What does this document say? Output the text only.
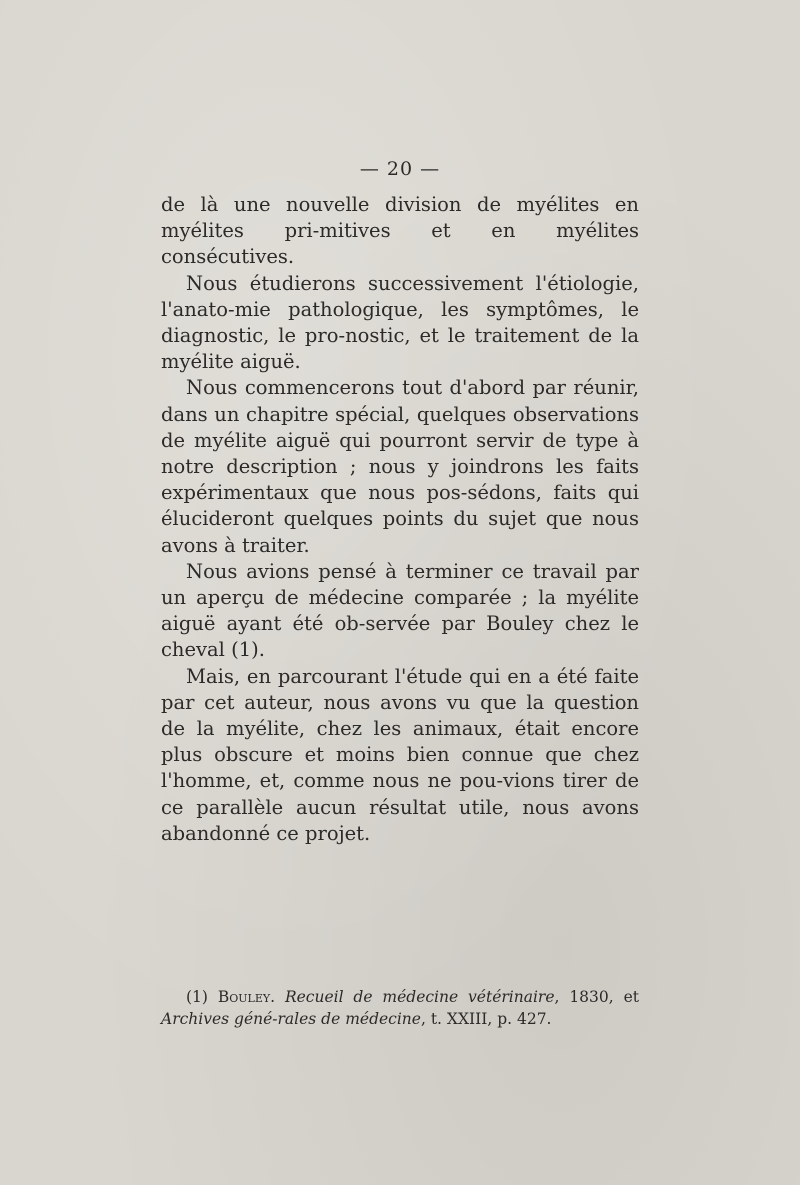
— 20 —

de là une nouvelle division de myélites en myélites pri-mitives et en myélites consécutives.

Nous étudierons successivement l'étiologie, l'anato-mie pathologique, les symptômes, le diagnostic, le pro-nostic, et le traitement de la myélite aiguë.

Nous commencerons tout d'abord par réunir, dans un chapitre spécial, quelques observations de myélite aiguë qui pourront servir de type à notre description ; nous y joindrons les faits expérimentaux que nous pos-sédons, faits qui élucideront quelques points du sujet que nous avons à traiter.

Nous avions pensé à terminer ce travail par un aperçu de médecine comparée ; la myélite aiguë ayant été ob-servée par Bouley chez le cheval (1).

Mais, en parcourant l'étude qui en a été faite par cet auteur, nous avons vu que la question de la myélite, chez les animaux, était encore plus obscure et moins bien connue que chez l'homme, et, comme nous ne pou-vions tirer de ce parallèle aucun résultat utile, nous avons abandonné ce projet.

(1) Bouley. Recueil de médecine vétérinaire, 1830, et Archives géné-rales de médecine, t. XXIII, p. 427.
